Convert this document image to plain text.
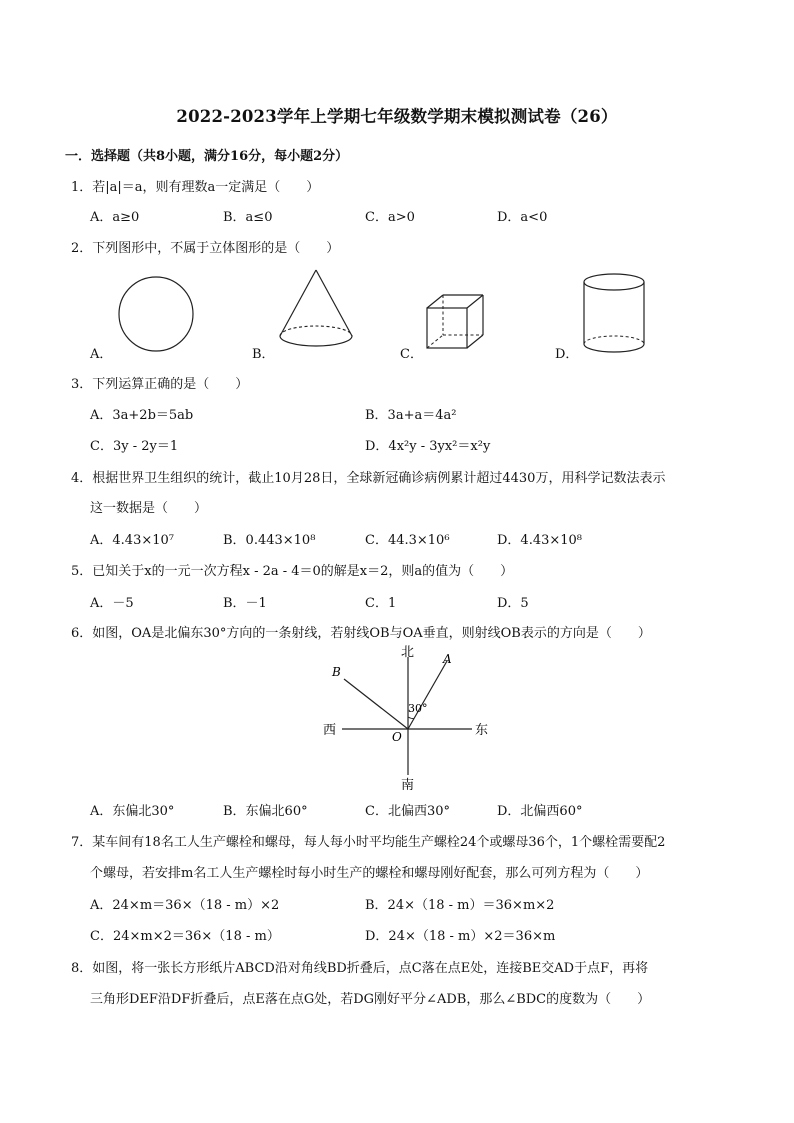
2022-2023学年上学期七年级数学期末模拟测试卷（26）
一．选择题（共8小题，满分16分，每小题2分）
1．若|a|＝a，则有理数a一定满足（　　）
A．a≥0	B．a≤0	C．a>0	D．a<0
2．下列图形中，不属于立体图形的是（　　）
A．	B．	C．	D．
3．下列运算正确的是（　　）
A．3a+2b＝5ab	B．3a+a＝4a²
C．3y - 2y＝1	D．4x²y - 3yx²＝x²y
4．根据世界卫生组织的统计，截止10月28日，全球新冠确诊病例累计超过4430万，用科学记数法表示
这一数据是（　　）
A．4.43×10⁷	B．0.443×10⁸	C．44.3×10⁶	D．4.43×10⁸
5．已知关于x的一元一次方程x - 2a - 4＝0的解是x＝2，则a的值为（　　）
A．－5	B．－1	C．1	D．5
6．如图，OA是北偏东30°方向的一条射线，若射线OB与OA垂直，则射线OB表示的方向是（　　）
北
南
西	东
A
B
O
30°
A．东偏北30°	B．东偏北60°	C．北偏西30°	D．北偏西60°
7．某车间有18名工人生产螺栓和螺母，每人每小时平均能生产螺栓24个或螺母36个，1个螺栓需要配2
个螺母，若安排m名工人生产螺栓时每小时生产的螺栓和螺母刚好配套，那么可列方程为（　　）
A．24×m＝36×（18 - m）×2	B．24×（18 - m）＝36×m×2
C．24×m×2＝36×（18 - m）	D．24×（18 - m）×2＝36×m
8．如图，将一张长方形纸片ABCD沿对角线BD折叠后，点C落在点E处，连接BE交AD于点F，再将
三角形DEF沿DF折叠后，点E落在点G处，若DG刚好平分∠ADB，那么∠BDC的度数为（　　）
